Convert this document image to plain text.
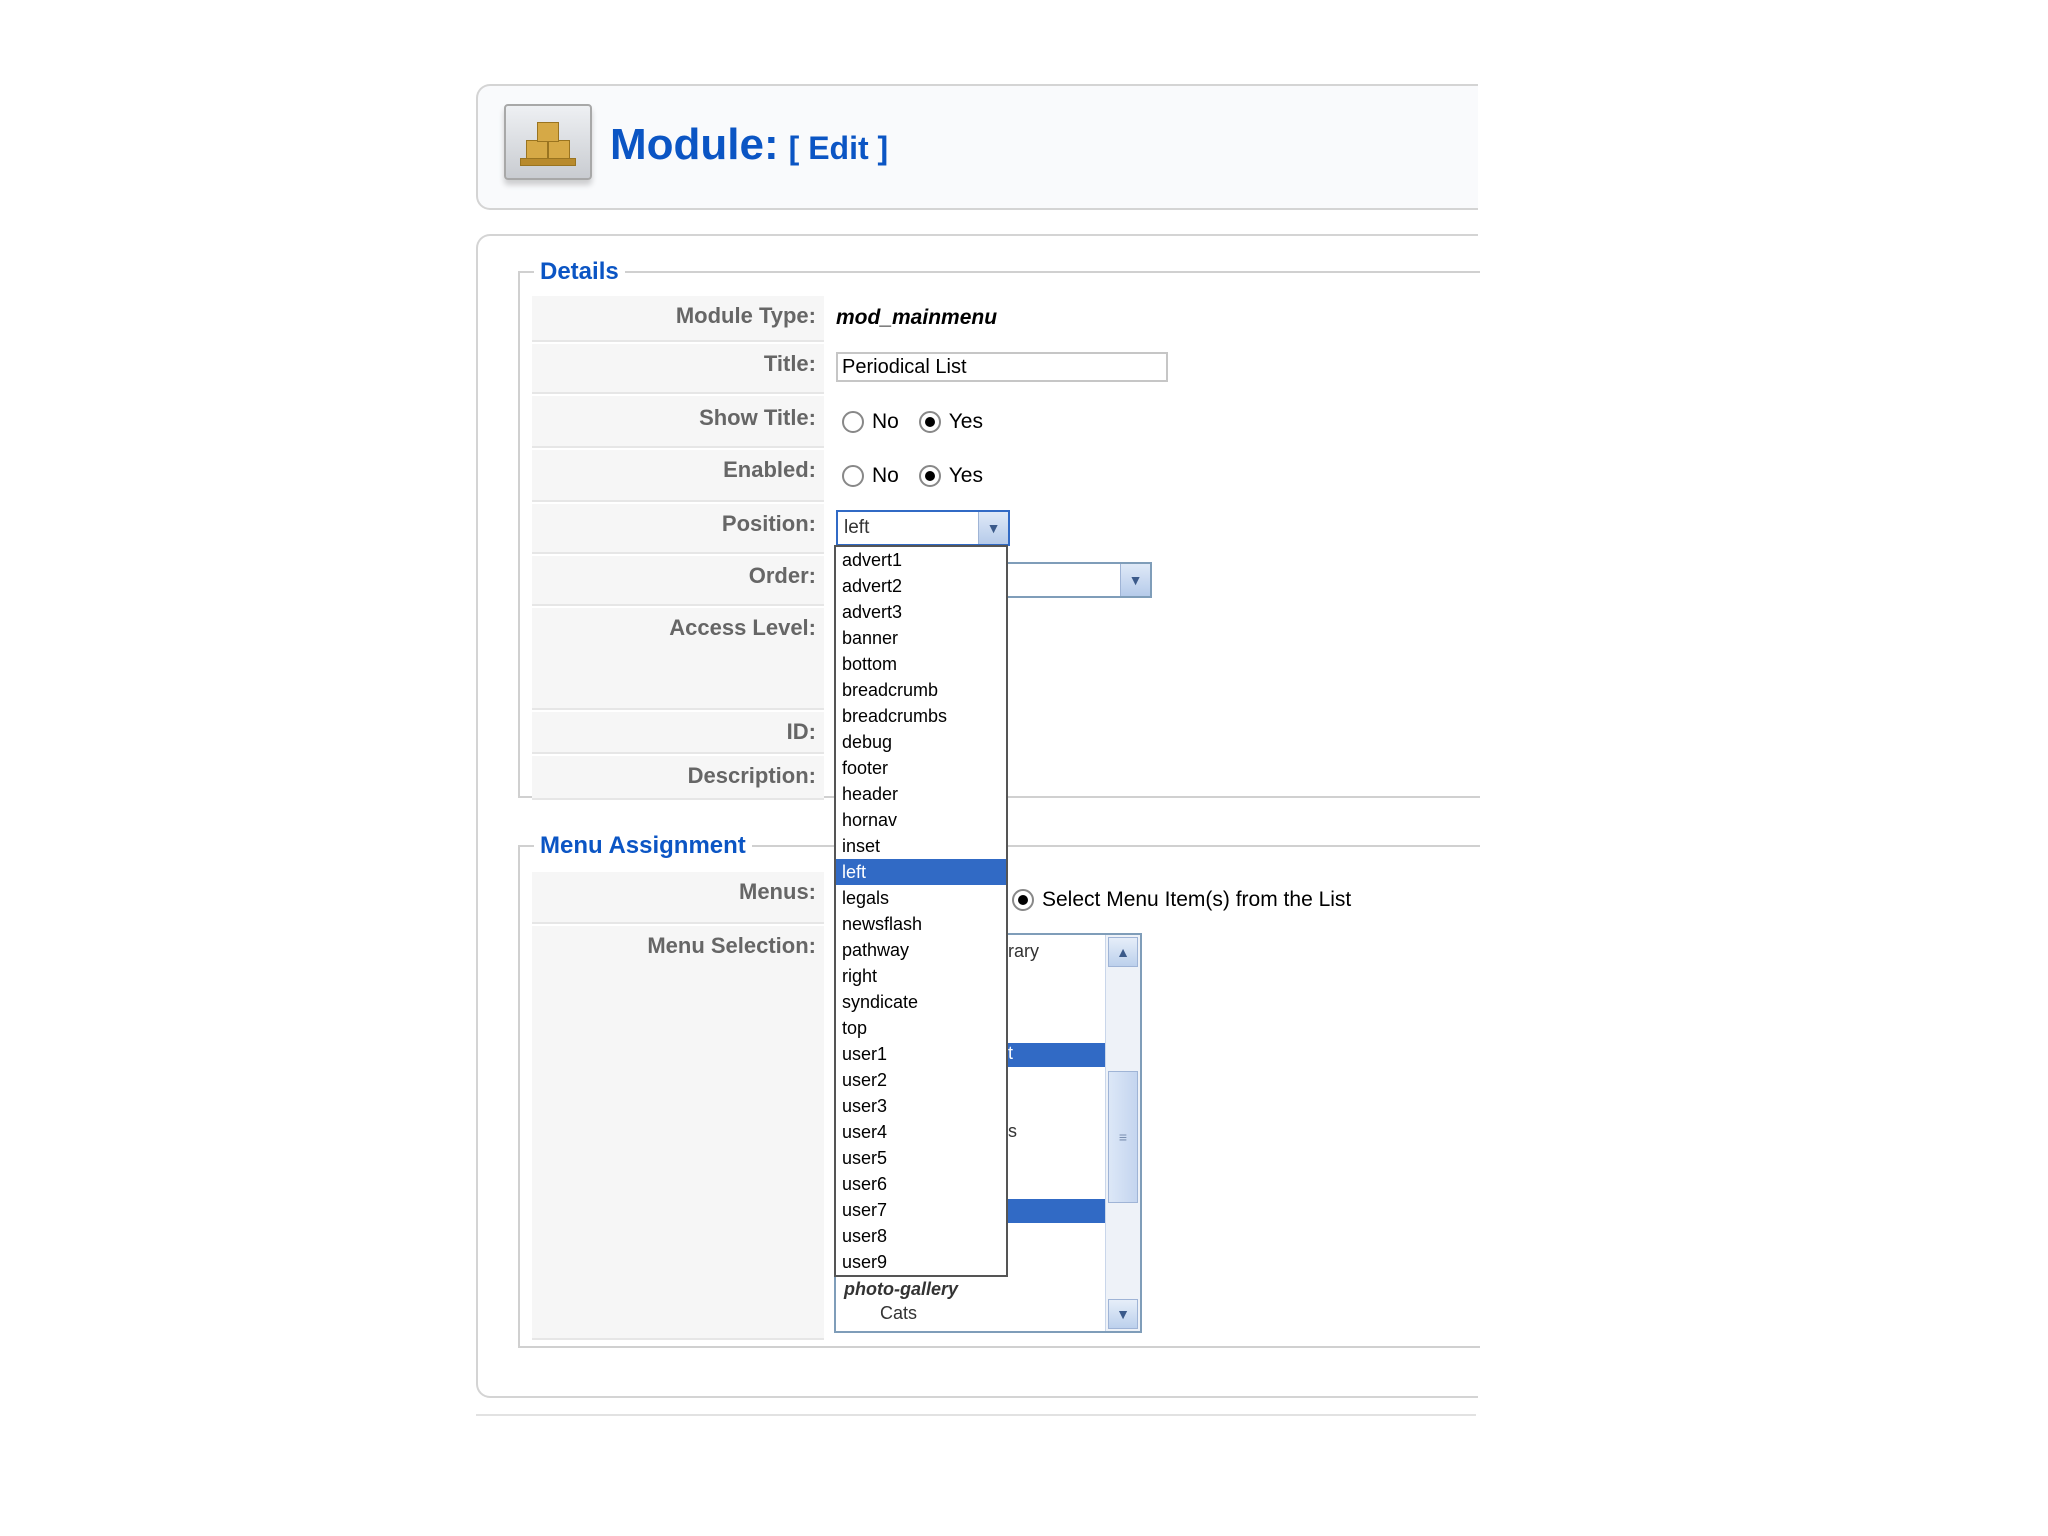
Module: [ Edit ]
Details
Module Type: mod_mainmenu
Title:
Periodical List
Show Title:	No Yes
Enabled:	No Yes
Position:	left	▼
Order:	▼
Access Level:
ID:
Description:
Menu Assignment
Menus:	Select Menu Item(s) from the List
Menu Selection:	rary
t
s
photo-gallery
Cats
▲
≡
▼
advert1
advert2
advert3
banner
bottom
breadcrumb
breadcrumbs
debug
footer
header
hornav
inset
left
legals
newsflash
pathway
right
syndicate
top
user1
user2
user3
user4
user5
user6
user7
user8
user9
